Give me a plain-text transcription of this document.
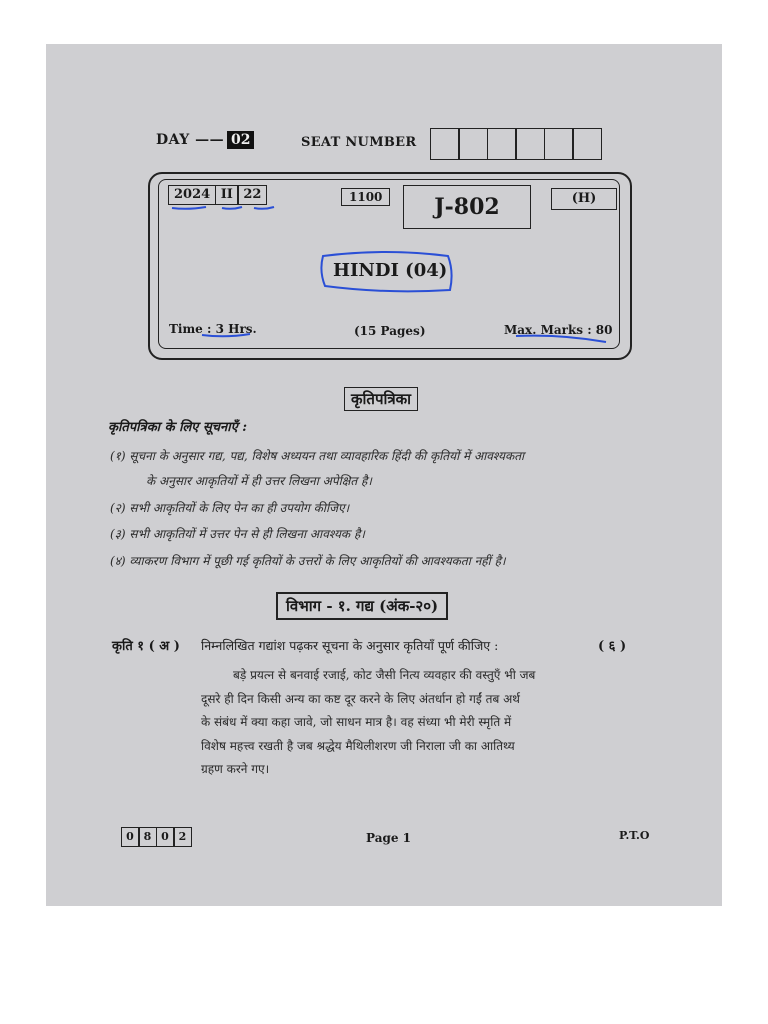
DAY —— 02	SEAT NUMBER
2024 II 22	1100	J-802	(H)
HINDI (04)
Time : 3 Hrs.	(15 Pages)	Max. Marks : 80
कृतिपत्रिका
कृतिपत्रिका के लिए सूचनाएँ :
(१) सूचना के अनुसार गद्य, पद्य, विशेष अध्ययन तथा व्यावहारिक हिंदी की कृतियों में आवश्यकता
के अनुसार आकृतियों में ही उत्तर लिखना अपेक्षित है।
(२) सभी आकृतियों के लिए पेन का ही उपयोग कीजिए।
(३) सभी आकृतियों में उत्तर पेन से ही लिखना आवश्यक है।
(४) व्याकरण विभाग में पूछी गई कृतियों के उत्तरों के लिए आकृतियों की आवश्यकता नहीं है।
विभाग - १. गद्य (अंक-२०)
कृति १ ( अ ) निम्नलिखित गद्यांश पढ़कर सूचना के अनुसार कृतियाँ पूर्ण कीजिए :	( ६ )
बड़े प्रयत्न से बनवाई रजाई, कोट जैसी नित्य व्यवहार की वस्तुएँ भी जब
दूसरे ही दिन किसी अन्य का कष्ट दूर करने के लिए अंतर्धान हो गईं तब अर्थ
के संबंध में क्या कहा जावे, जो साधन मात्र है। वह संध्या भी मेरी स्मृति में
विशेष महत्त्व रखती है जब श्रद्धेय मैथिलीशरण जी निराला जी का आतिथ्य
ग्रहण करने गए।
0 8 0 2	Page 1	P.T.O
